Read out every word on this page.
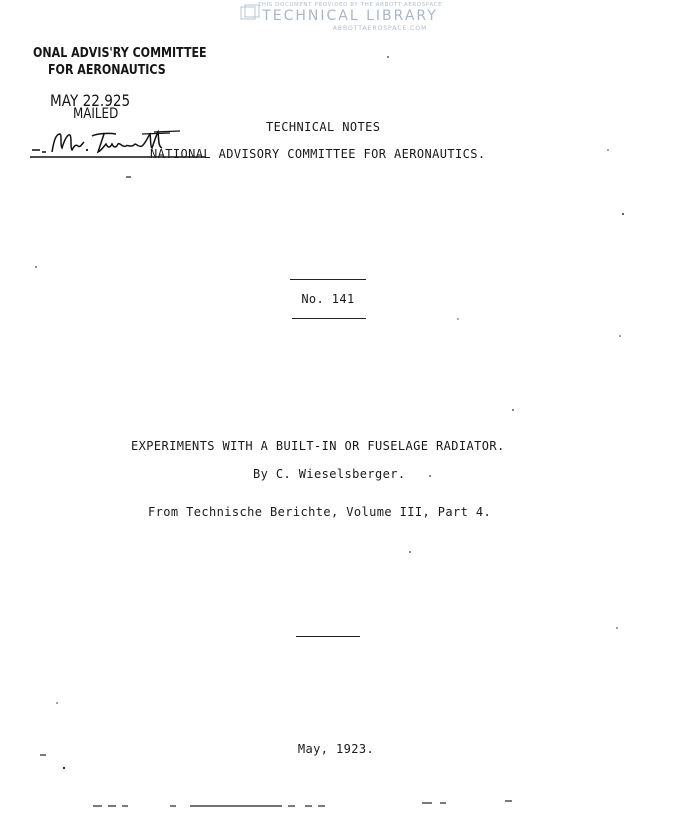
THIS DOCUMENT PROVIDED BY THE ABBOTT AEROSPACE
TECHNICAL LIBRARY
ABBOTTAEROSPACE.COM
ONAL ADVIS'RY COMMITTEE
FOR AERONAUTICS
MAY 22.925
MAILED
TECHNICAL NOTES
NATIONAL ADVISORY COMMITTEE FOR AERONAUTICS.
No. 141
EXPERIMENTS WITH A BUILT-IN OR FUSELAGE RADIATOR.
By C. Wieselsberger.
From Technische Berichte, Volume III, Part 4.
May, 1923.
